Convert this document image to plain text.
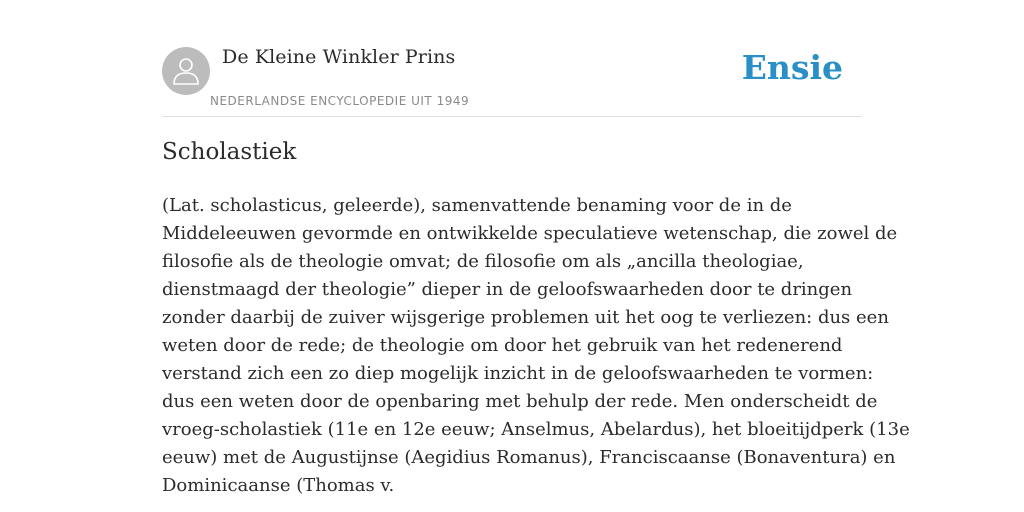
De Kleine Winkler Prins
NEDERLANDSE ENCYCLOPEDIE UIT 1949
Ensie
Scholastiek
(Lat. scholasticus, geleerde), samenvattende benaming voor de in de
Middeleeuwen gevormde en ontwikkelde speculatieve wetenschap, die zowel de
filosofie als de theologie omvat; de filosofie om als „ancilla theologiae,
dienstmaagd der theologie” dieper in de geloofswaarheden door te dringen
zonder daarbij de zuiver wijsgerige problemen uit het oog te verliezen: dus een
weten door de rede; de theologie om door het gebruik van het redenerend
verstand zich een zo diep mogelijk inzicht in de geloofswaarheden te vormen:
dus een weten door de openbaring met behulp der rede. Men onderscheidt de
vroeg-scholastiek (11e en 12e eeuw; Anselmus, Abelardus), het bloeitijdperk (13e
eeuw) met de Augustijnse (Aegidius Romanus), Franciscaanse (Bonaventura) en
Dominicaanse (Thomas v.
